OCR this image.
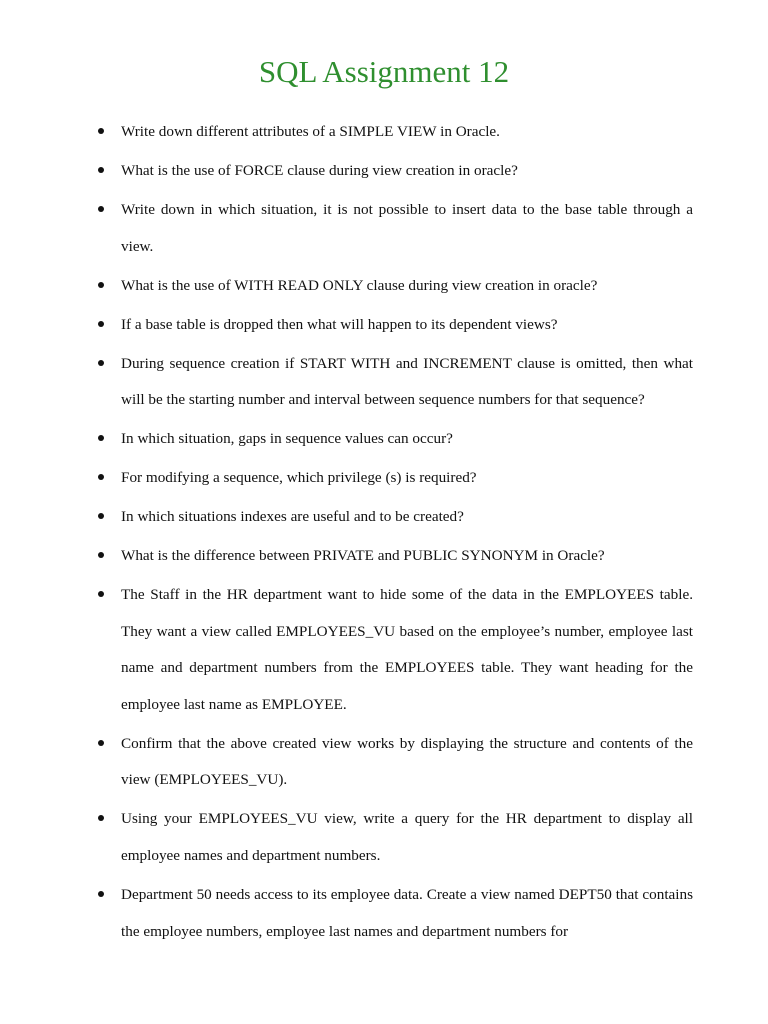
SQL Assignment 12
Write down different attributes of a SIMPLE VIEW in Oracle.
What is the use of FORCE clause during view creation in oracle?
Write down in which situation, it is not possible to insert data to the base table through a view.
What is the use of WITH READ ONLY clause during view creation in oracle?
If a base table is dropped then what will happen to its dependent views?
During sequence creation if START WITH and INCREMENT clause is omitted, then what will be the starting number and interval between sequence numbers for that sequence?
In which situation, gaps in sequence values can occur?
For modifying a sequence, which privilege (s) is required?
In which situations indexes are useful and to be created?
What is the difference between PRIVATE and PUBLIC SYNONYM in Oracle?
The Staff in the HR department want to hide some of the data in the EMPLOYEES table. They want a view called EMPLOYEES_VU based on the employee’s number, employee last name and department numbers from the EMPLOYEES table. They want heading for the employee last name as EMPLOYEE.
Confirm that the above created view works by displaying the structure and contents of the view (EMPLOYEES_VU).
Using your EMPLOYEES_VU view, write a query for the HR department to display all employee names and department numbers.
Department 50 needs access to its employee data. Create a view named DEPT50 that contains the employee numbers, employee last names and department numbers for
